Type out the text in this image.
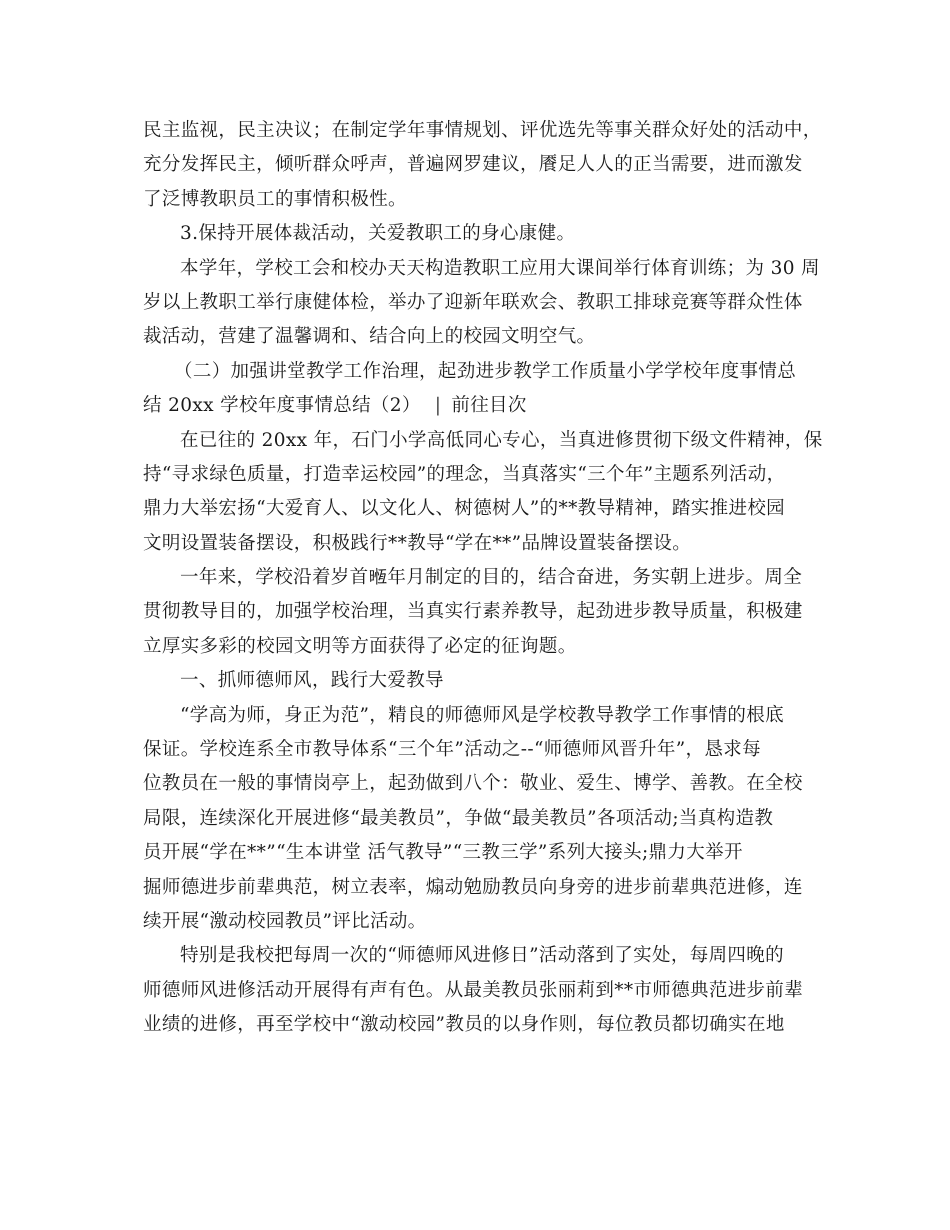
民主监视，民主决议；在制定学年事情规划、评优选先等事关群众好处的活动中，
充分发挥民主，倾听群众呼声，普遍网罗建议，餍足人人的正当需要，进而激发
了泛博教职员工的事情积极性。
3.保持开展体裁活动，关爱教职工的身心康健。
本学年，学校工会和校办天天构造教职工应用大课间举行体育训练；为 30 周
岁以上教职工举行康健体检，举办了迎新年联欢会、教职工排球竞赛等群众性体
裁活动，营建了温馨调和、结合向上的校园文明空气。
（二）加强讲堂教学工作治理，起劲进步教学工作质量小学学校年度事情总
结 20xx 学校年度事情总结（2） | 前往目次
在已往的 20xx 年，石门小学高低同心专心，当真进修贯彻下级文件精神，保
持“寻求绿色质量，打造幸运校园”的理念，当真落实“三个年”主题系列活动，
鼎力大举宏扬“大爱育人、以文化人、树德树人”的**教导精神，踏实推进校园
文明设置装备摆设，积极践行**教导“学在**”品牌设置装备摆设。
一年来，学校沿着岁首𣈶年月制定的目的，结合奋进，务实朝上进步。周全
贯彻教导目的，加强学校治理，当真实行素养教导，起劲进步教导质量，积极建
立厚实多彩的校园文明等方面获得了必定的征询题。
一、抓师德师风，践行大爱教导
“学高为师，身正为范”，精良的师德师风是学校教导教学工作事情的根底
保证。学校连系全市教导体系“三个年”活动之--“师德师风晋升年”，恳求每
位教员在一般的事情岗亭上，起劲做到八个：敬业、爱生、博学、善教。在全校
局限，连续深化开展进修“最美教员”，争做“最美教员”各项活动;当真构造教
员开展“学在**”“生本讲堂 活气教导”“三教三学”系列大接头;鼎力大举开
掘师德进步前辈典范，树立表率，煽动勉励教员向身旁的进步前辈典范进修，连
续开展“激动校园教员”评比活动。
特别是我校把每周一次的“师德师风进修日”活动落到了实处，每周四晚的
师德师风进修活动开展得有声有色。从最美教员张丽莉到**市师德典范进步前辈
业绩的进修，再至学校中“激动校园”教员的以身作则，每位教员都切确实在地
